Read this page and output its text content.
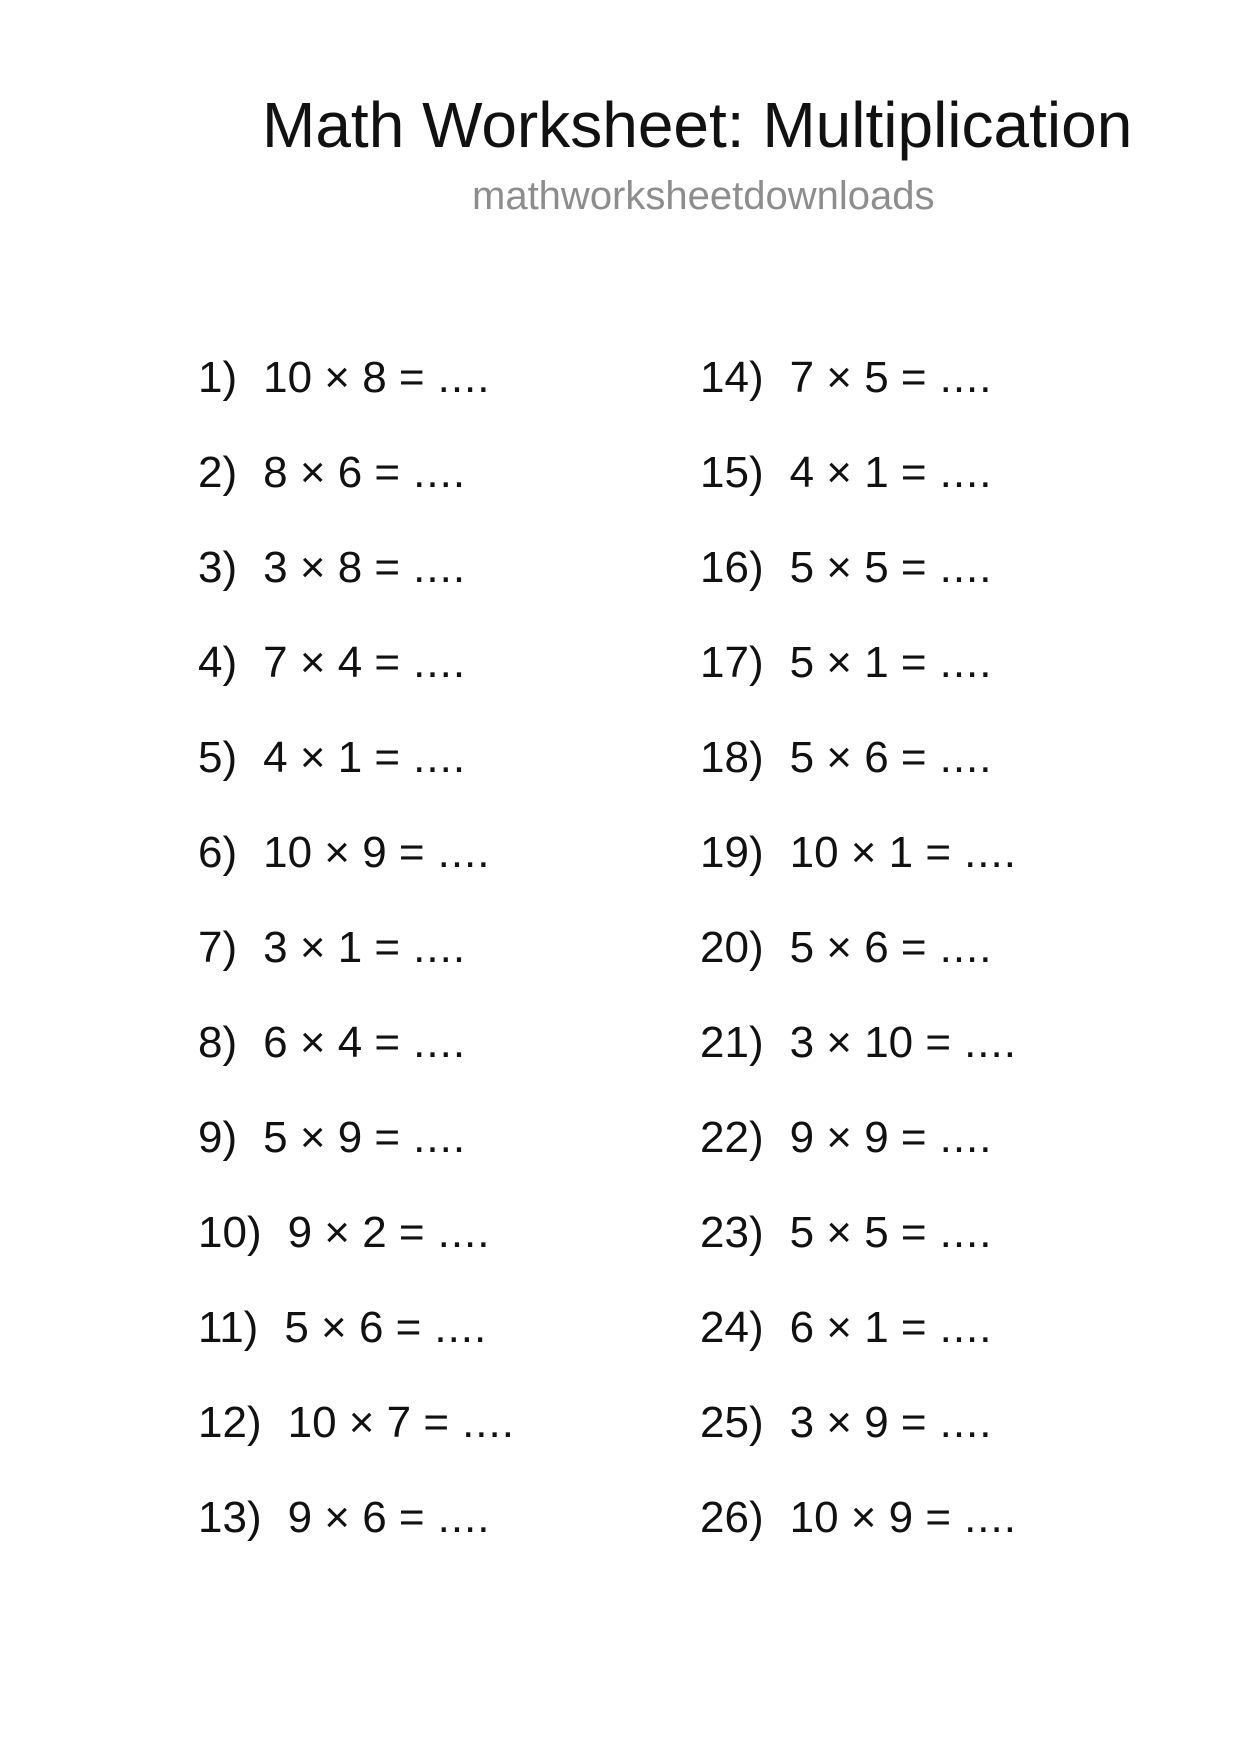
Math Worksheet: Multiplication
mathworksheetdownloads
1) 10 × 8 = ....
2) 8 × 6 = ....
3) 3 × 8 = ....
4) 7 × 4 = ....
5) 4 × 1 = ....
6) 10 × 9 = ....
7) 3 × 1 = ....
8) 6 × 4 = ....
9) 5 × 9 = ....
10) 9 × 2 = ....
11) 5 × 6 = ....
12) 10 × 7 = ....
13) 9 × 6 = ....
14) 7 × 5 = ....
15) 4 × 1 = ....
16) 5 × 5 = ....
17) 5 × 1 = ....
18) 5 × 6 = ....
19) 10 × 1 = ....
20) 5 × 6 = ....
21) 3 × 10 = ....
22) 9 × 9 = ....
23) 5 × 5 = ....
24) 6 × 1 = ....
25) 3 × 9 = ....
26) 10 × 9 = ....
